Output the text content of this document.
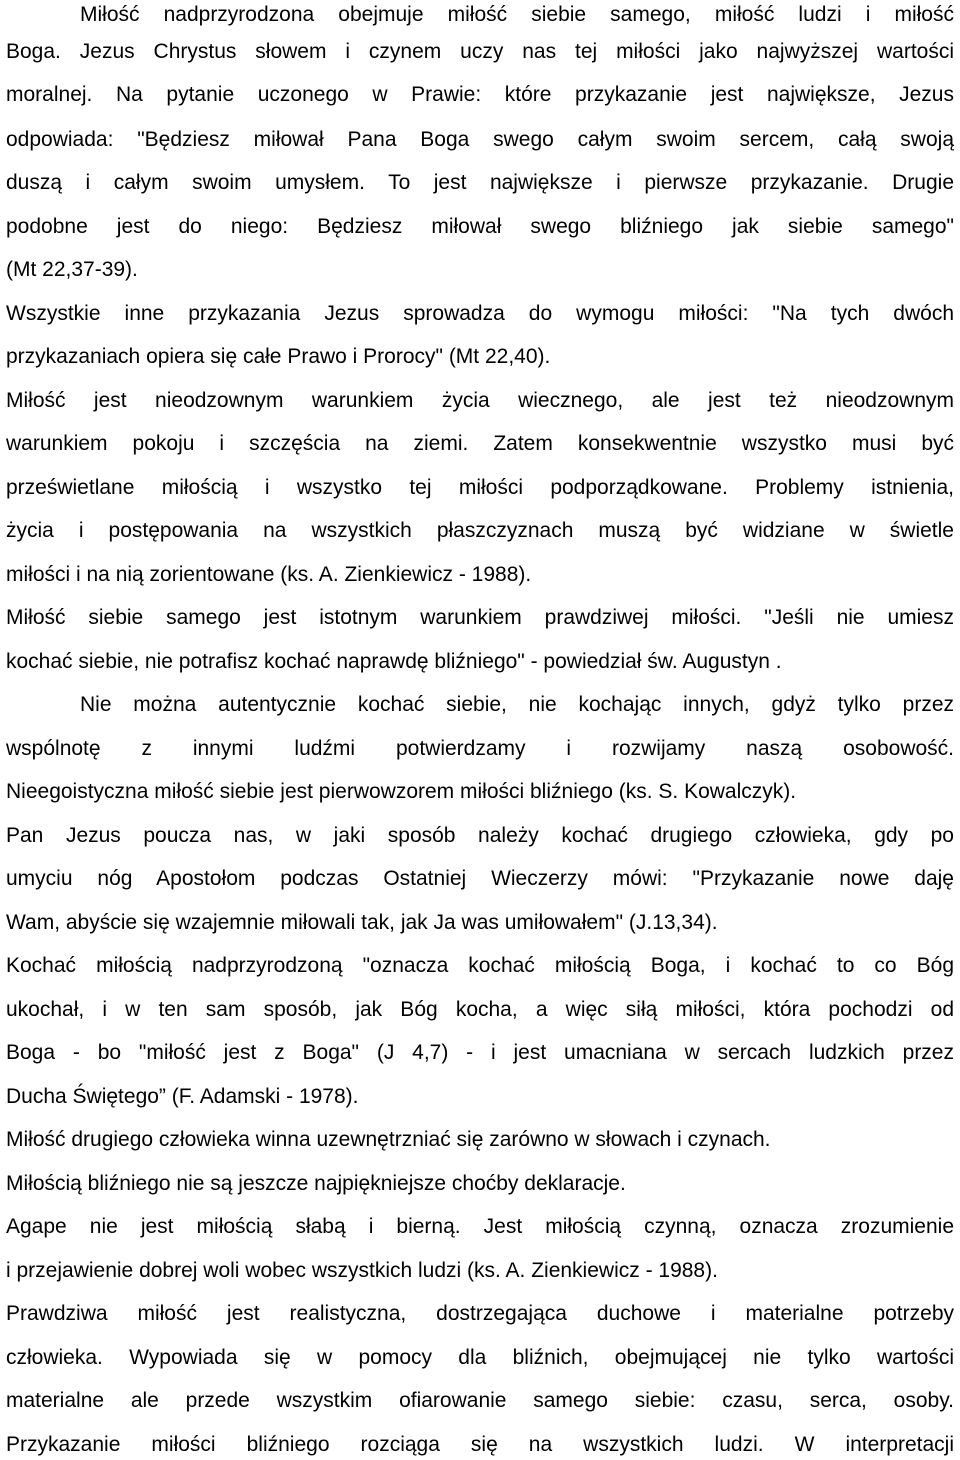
Miłość nadprzyrodzona obejmuje miłość siebie samego, miłość ludzi i miłość
Boga. Jezus Chrystus słowem i czynem uczy nas tej miłości jako najwyższej wartości
moralnej. Na pytanie uczonego w Prawie: które przykazanie jest największe, Jezus
odpowiada: "Będziesz miłował Pana Boga swego całym swoim sercem, całą swoją
duszą i całym swoim umysłem. To jest największe i pierwsze przykazanie. Drugie
podobne jest do niego: Będziesz miłował swego bliźniego jak siebie samego"
(Mt 22,37-39).
Wszystkie inne przykazania Jezus sprowadza do wymogu miłości: "Na tych dwóch
przykazaniach opiera się całe Prawo i Prorocy" (Mt 22,40).
Miłość jest nieodzownym warunkiem życia wiecznego, ale jest też nieodzownym
warunkiem pokoju i szczęścia na ziemi. Zatem konsekwentnie wszystko musi być
prześwietlane miłością i wszystko tej miłości podporządkowane. Problemy istnienia,
życia i postępowania na wszystkich płaszczyznach muszą być widziane w świetle
miłości i na nią zorientowane (ks. A. Zienkiewicz - 1988).
Miłość siebie samego jest istotnym warunkiem prawdziwej miłości. "Jeśli nie umiesz
kochać siebie, nie potrafisz kochać naprawdę bliźniego" - powiedział św. Augustyn .
Nie można autentycznie kochać siebie, nie kochając innych, gdyż tylko przez
wspólnotę z innymi ludźmi potwierdzamy i rozwijamy naszą osobowość.
Nieegoistyczna miłość siebie jest pierwowzorem miłości bliźniego (ks. S. Kowalczyk).
Pan Jezus poucza nas, w jaki sposób należy kochać drugiego człowieka, gdy po
umyciu nóg Apostołom podczas Ostatniej Wieczerzy mówi: "Przykazanie nowe daję
Wam, abyście się wzajemnie miłowali tak, jak Ja was umiłowałem" (J.13,34).
Kochać miłością nadprzyrodzoną "oznacza kochać miłością Boga, i kochać to co Bóg
ukochał, i w ten sam sposób, jak Bóg kocha, a więc siłą miłości, która pochodzi od
Boga - bo "miłość jest z Boga" (J 4,7) - i jest umacniana w sercach ludzkich przez
Ducha Świętego” (F. Adamski - 1978).
Miłość drugiego człowieka winna uzewnętrzniać się zarówno w słowach i czynach.
Miłością bliźniego nie są jeszcze najpiękniejsze choćby deklaracje.
Agape nie jest miłością słabą i bierną. Jest miłością czynną, oznacza zrozumienie
i przejawienie dobrej woli wobec wszystkich ludzi (ks. A. Zienkiewicz - 1988).
Prawdziwa miłość jest realistyczna, dostrzegająca duchowe i materialne potrzeby
człowieka. Wypowiada się w pomocy dla bliźnich, obejmującej nie tylko wartości
materialne ale przede wszystkim ofiarowanie samego siebie: czasu, serca, osoby.
Przykazanie miłości bliźniego rozciąga się na wszystkich ludzi. W interpretacji
